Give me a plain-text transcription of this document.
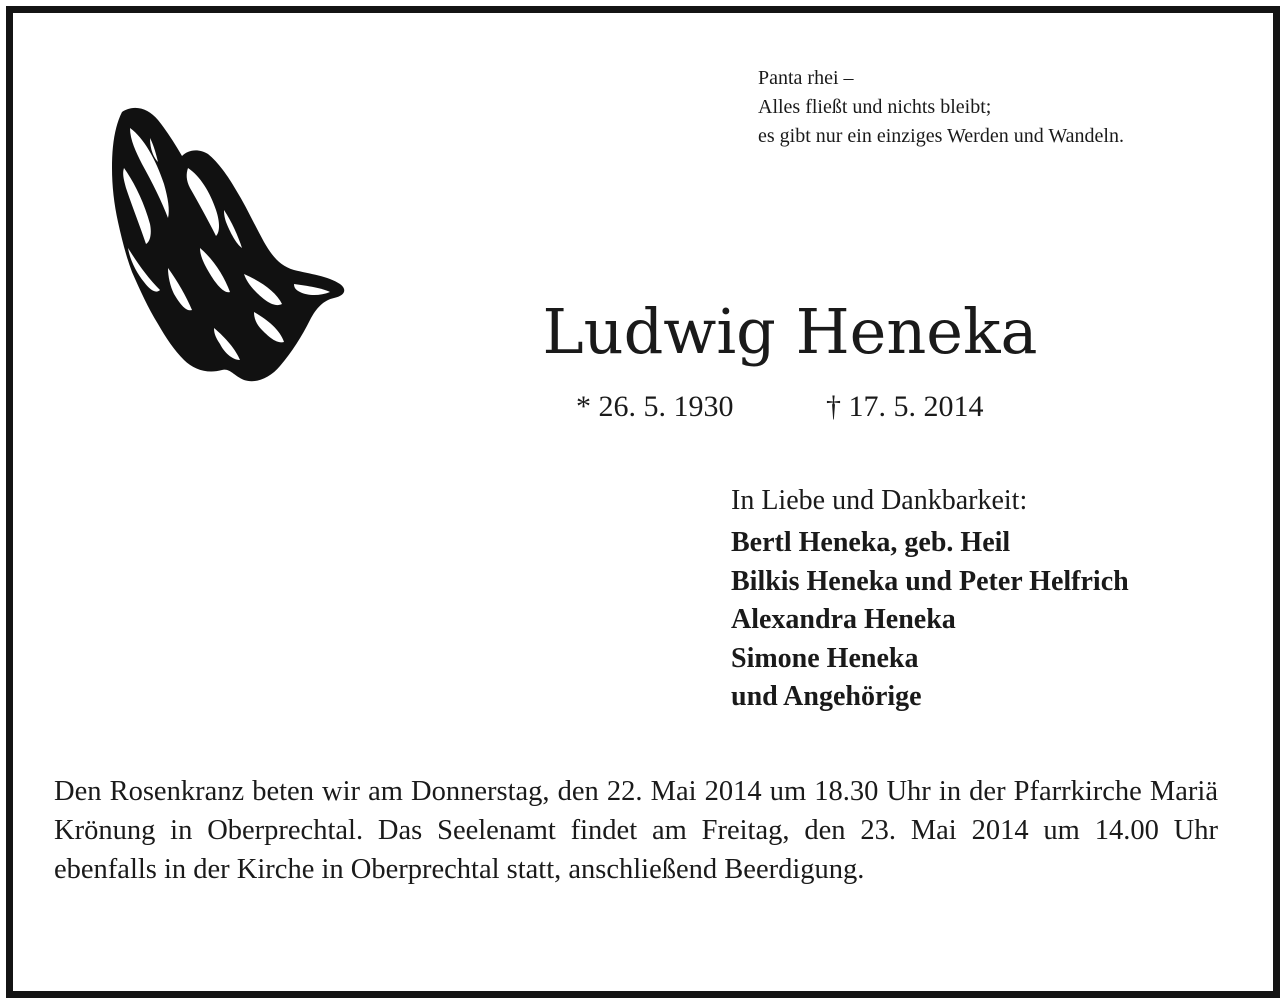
Panta rhei –
Alles fließt und nichts bleibt;
es gibt nur ein einziges Werden und Wandeln.
Ludwig Heneka
* 26. 5. 1930	† 17. 5. 2014
In Liebe und Dankbarkeit:
Bertl Heneka, geb. Heil
Bilkis Heneka und Peter Helfrich
Alexandra Heneka
Simone Heneka
und Angehörige
Den Rosenkranz beten wir am Donnerstag, den 22. Mai 2014 um 18.30 Uhr in der Pfarrkirche Mariä Krönung in Oberprechtal. Das Seelenamt findet am Freitag, den 23. Mai 2014 um 14.00 Uhr ebenfalls in der Kirche in Oberprechtal statt, anschließend Beerdigung.
